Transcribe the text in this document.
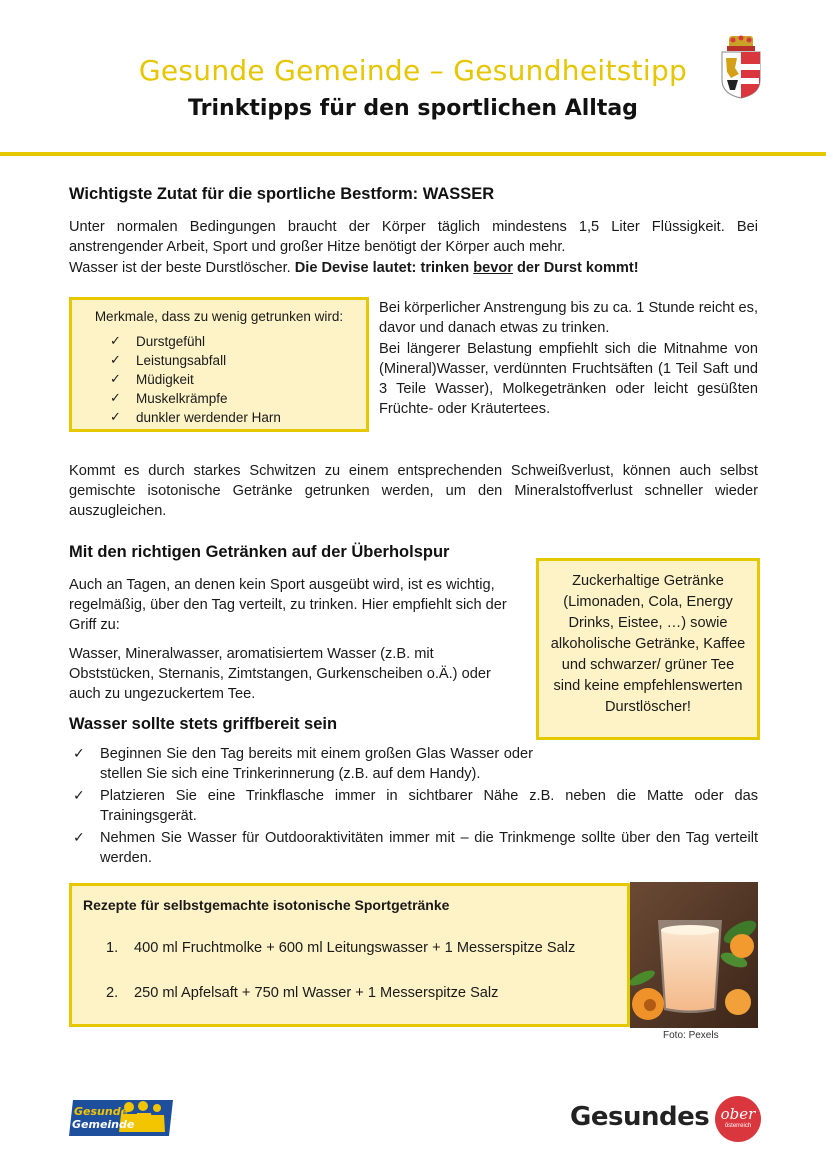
Gesunde Gemeinde – Gesundheitstipp
Trinktipps für den sportlichen Alltag
Wichtigste Zutat für die sportliche Bestform: WASSER
Unter normalen Bedingungen braucht der Körper täglich mindestens 1,5 Liter Flüssigkeit. Bei anstrengender Arbeit, Sport und großer Hitze benötigt der Körper auch mehr.
Wasser ist der beste Durstlöscher. Die Devise lautet: trinken bevor der Durst kommt!
Merkmale, dass zu wenig getrunken wird:
✓ Durstgefühl
✓ Leistungsabfall
✓ Müdigkeit
✓ Muskelkrämpfe
✓ dunkler werdender Harn
Bei körperlicher Anstrengung bis zu ca. 1 Stunde reicht es, davor und danach etwas zu trinken.
Bei längerer Belastung empfiehlt sich die Mitnahme von (Mineral)Wasser, verdünnten Fruchtsäften (1 Teil Saft und 3 Teile Wasser), Molkegetränken oder leicht gesüßten Früchte- oder Kräutertees.
Kommt es durch starkes Schwitzen zu einem entsprechenden Schweißverlust, können auch selbst gemischte isotonische Getränke getrunken werden, um den Mineralstoffverlust schneller wieder auszugleichen.
Mit den richtigen Getränken auf der Überholspur
Auch an Tagen, an denen kein Sport ausgeübt wird, ist es wichtig, regelmäßig, über den Tag verteilt, zu trinken. Hier empfiehlt sich der Griff zu:
Wasser, Mineralwasser, aromatisiertem Wasser (z.B. mit Obststücken, Sternanis, Zimtstangen, Gurkenscheiben o.Ä.) oder auch zu ungezuckertem Tee.
Zuckerhaltige Getränke (Limonaden, Cola, Energy Drinks, Eistee, …) sowie alkoholische Getränke, Kaffee und schwarzer/ grüner Tee sind keine empfehlenswerten Durstlöscher!
Wasser sollte stets griffbereit sein
✓ Beginnen Sie den Tag bereits mit einem großen Glas Wasser oder stellen Sie sich eine Trinkerinnerung (z.B. auf dem Handy).
✓ Platzieren Sie eine Trinkflasche immer in sichtbarer Nähe z.B. neben die Matte oder das Trainingsgerät.
✓ Nehmen Sie Wasser für Outdooraktivitäten immer mit – die Trinkmenge sollte über den Tag verteilt werden.
Rezepte für selbstgemachte isotonische Sportgetränke
1. 400 ml Fruchtmolke + 600 ml Leitungswasser + 1 Messerspitze Salz
2. 250 ml Apfelsaft + 750 ml Wasser + 1 Messerspitze Salz
Foto: Pexels
Gesunde
Gemeinde	Gesundes ober
österreich
